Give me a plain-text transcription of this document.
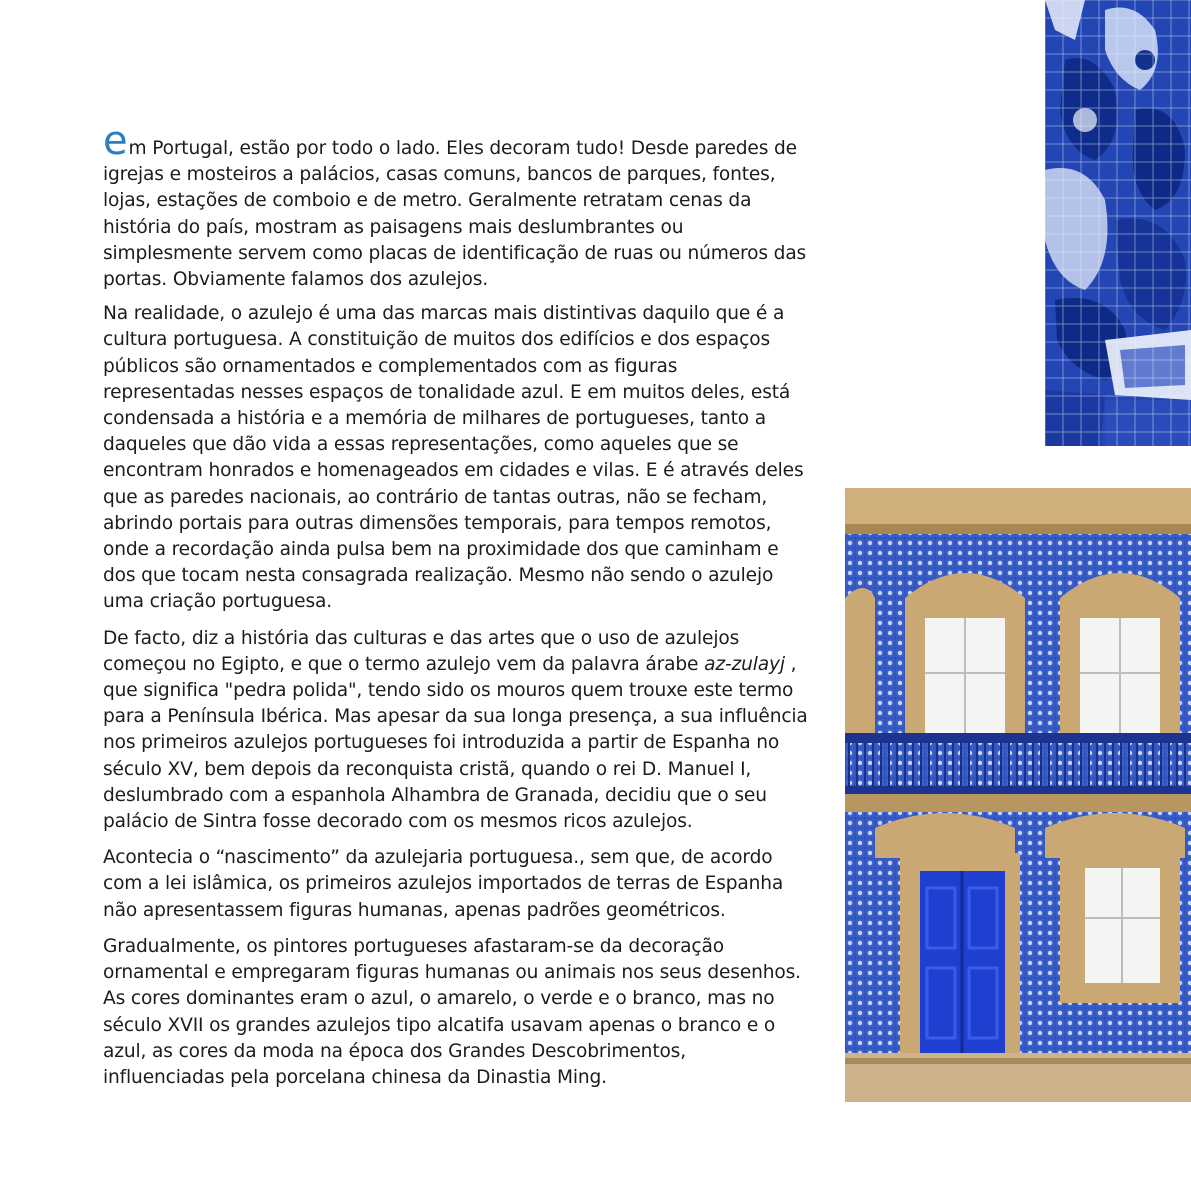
em Portugal, estão por todo o lado. Eles decoram tudo! Desde paredes de igrejas e mosteiros a palácios, casas comuns, bancos de parques, fontes, lojas, estações de comboio e de metro. Geralmente retratam cenas da história do país, mostram as paisagens mais deslumbrantes ou simplesmente servem como placas de identificação de ruas ou números das portas. Obviamente falamos dos azulejos.

Na realidade, o azulejo é uma das marcas mais distintivas daquilo que é a cultura portuguesa. A constituição de muitos dos edifícios e dos espaços públicos são ornamentados e complementados com as figuras representadas nesses espaços de tonalidade azul. E em muitos deles, está condensada a história e a memória de milhares de portugueses, tanto a daqueles que dão vida a essas representações, como aqueles que se encontram honrados e homenageados em cidades e vilas. E é através deles que as paredes nacionais, ao contrário de tantas outras, não se fecham, abrindo portais para outras dimensões temporais, para tempos remotos, onde a recordação ainda pulsa bem na proximidade dos que caminham e dos que tocam nesta consagrada realização. Mesmo não sendo o azulejo uma criação portuguesa.

De facto, diz a história das culturas e das artes que o uso de azulejos começou no Egipto, e que o termo azulejo vem da palavra árabe az-zulayj , que significa "pedra polida", tendo sido os mouros quem trouxe este termo para a Península Ibérica. Mas apesar da sua longa presença, a sua influência nos primeiros azulejos portugueses foi introduzida a partir de Espanha no século XV, bem depois da reconquista cristã, quando o rei D. Manuel I, deslumbrado com a espanhola Alhambra de Granada, decidiu que o seu palácio de Sintra fosse decorado com os mesmos ricos azulejos.

Acontecia o “nascimento” da azulejaria portuguesa., sem que, de acordo com a lei islâmica, os primeiros azulejos importados de terras de Espanha não apresentassem figuras humanas, apenas padrões geométricos.

Gradualmente, os pintores portugueses afastaram-se da decoração ornamental e empregaram figuras humanas ou animais nos seus desenhos. As cores dominantes eram o azul, o amarelo, o verde e o branco, mas no século XVII os grandes azulejos tipo alcatifa usavam apenas o branco e o azul, as cores da moda na época dos Grandes Descobrimentos, influenciadas pela porcelana chinesa da Dinastia Ming.
